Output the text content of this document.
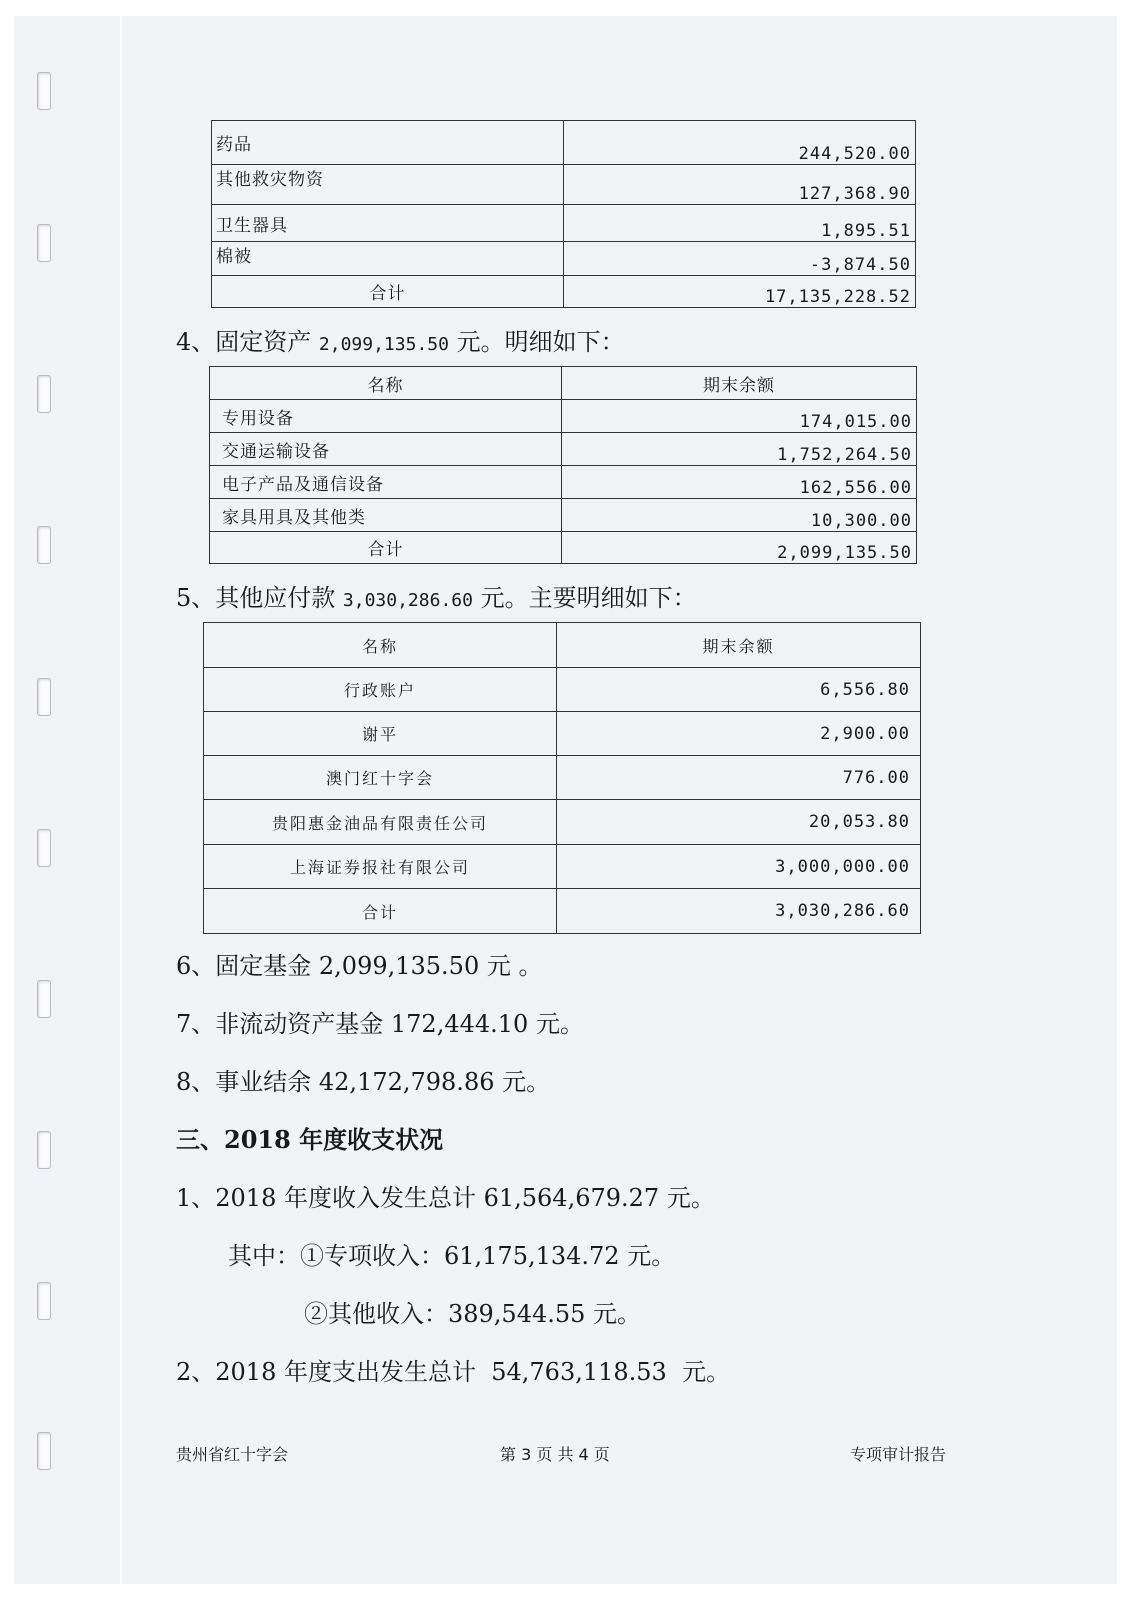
药品	244,520.00
其他救灾物资	127,368.90
卫生器具	1,895.51
棉被	-3,874.50
合计	17,135,228.52
4、固定资产 2,099,135.50 元。明细如下：
名称	期末余额
专用设备	174,015.00
交通运输设备	1,752,264.50
电子产品及通信设备	162,556.00
家具用具及其他类	10,300.00
合计	2,099,135.50
5、其他应付款 3,030,286.60 元。主要明细如下：
名称	期末余额
行政账户	6,556.80
谢平	2,900.00
澳门红十字会	776.00
贵阳惠金油品有限责任公司	20,053.80
上海证券报社有限公司	3,000,000.00
合计	3,030,286.60
6、固定基金 2,099,135.50 元 。
7、非流动资产基金 172,444.10 元。
8、事业结余 42,172,798.86 元。
三、2018 年度收支状况
1、2018 年度收入发生总计 61,564,679.27 元。
其中：①专项收入：61,175,134.72 元。
②其他收入：389,544.55 元。
2、2018 年度支出发生总计  54,763,118.53  元。
贵州省红十字会	第 3 页 共 4 页	专项审计报告
